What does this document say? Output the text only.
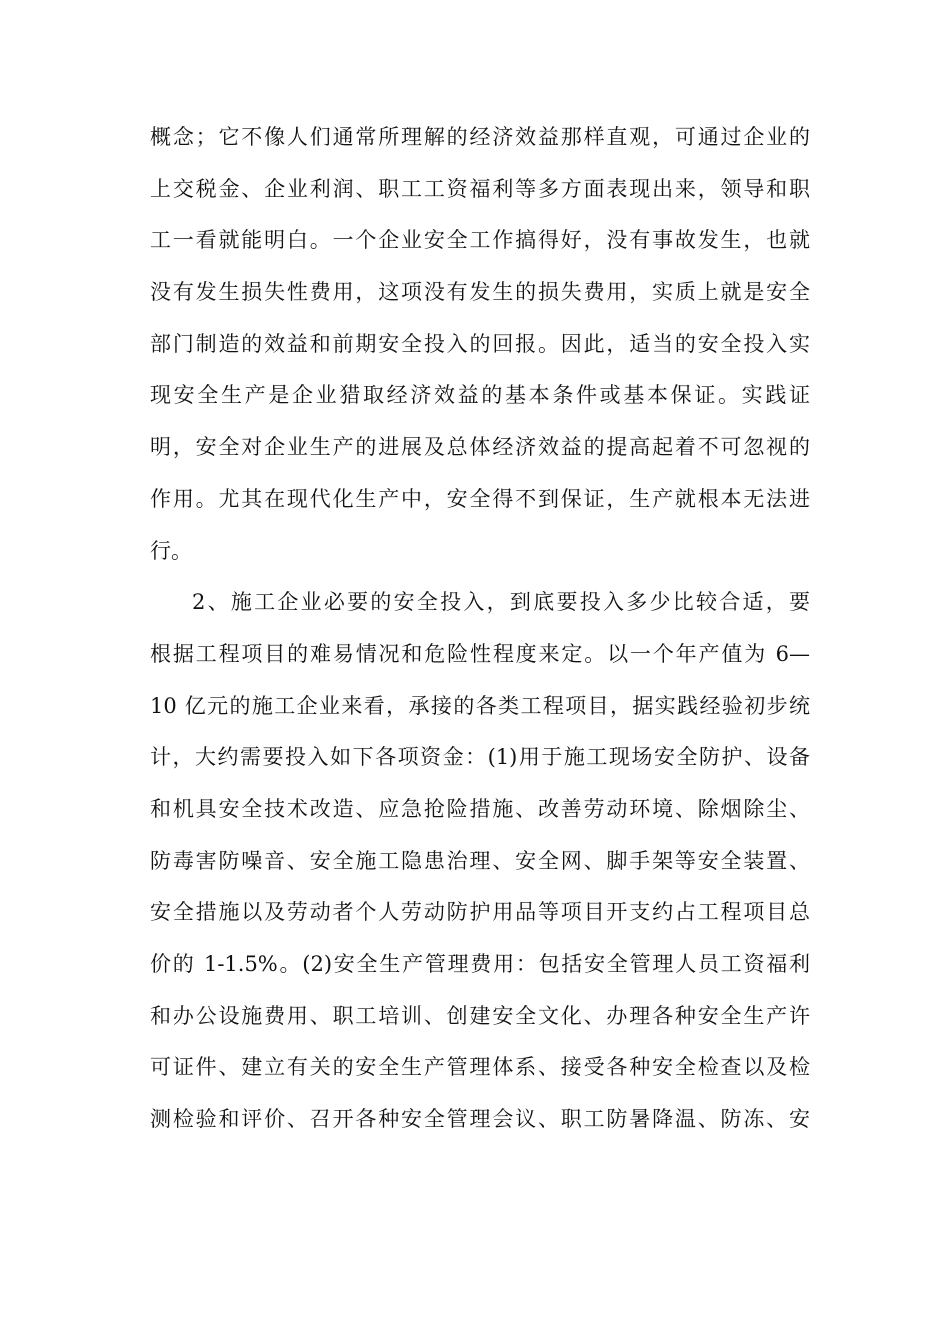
概念；它不像人们通常所理解的经济效益那样直观，可通过企业的
上交税金、企业利润、职工工资福利等多方面表现出来，领导和职
工一看就能明白。一个企业安全工作搞得好，没有事故发生，也就
没有发生损失性费用，这项没有发生的损失费用，实质上就是安全
部门制造的效益和前期安全投入的回报。因此，适当的安全投入实
现安全生产是企业猎取经济效益的基本条件或基本保证。实践证
明，安全对企业生产的进展及总体经济效益的提高起着不可忽视的
作用。尤其在现代化生产中，安全得不到保证，生产就根本无法进
行。
2、施工企业必要的安全投入，到底要投入多少比较合适，要
根据工程项目的难易情况和危险性程度来定。以一个年产值为 6—
10 亿元的施工企业来看，承接的各类工程项目，据实践经验初步统
计，大约需要投入如下各项资金：(1)用于施工现场安全防护、设备
和机具安全技术改造、应急抢险措施、改善劳动环境、除烟除尘、
防毒害防噪音、安全施工隐患治理、安全网、脚手架等安全装置、
安全措施以及劳动者个人劳动防护用品等项目开支约占工程项目总
价的 1-1.5%。(2)安全生产管理费用：包括安全管理人员工资福利
和办公设施费用、职工培训、创建安全文化、办理各种安全生产许
可证件、建立有关的安全生产管理体系、接受各种安全检查以及检
测检验和评价、召开各种安全管理会议、职工防暑降温、防冻、安
